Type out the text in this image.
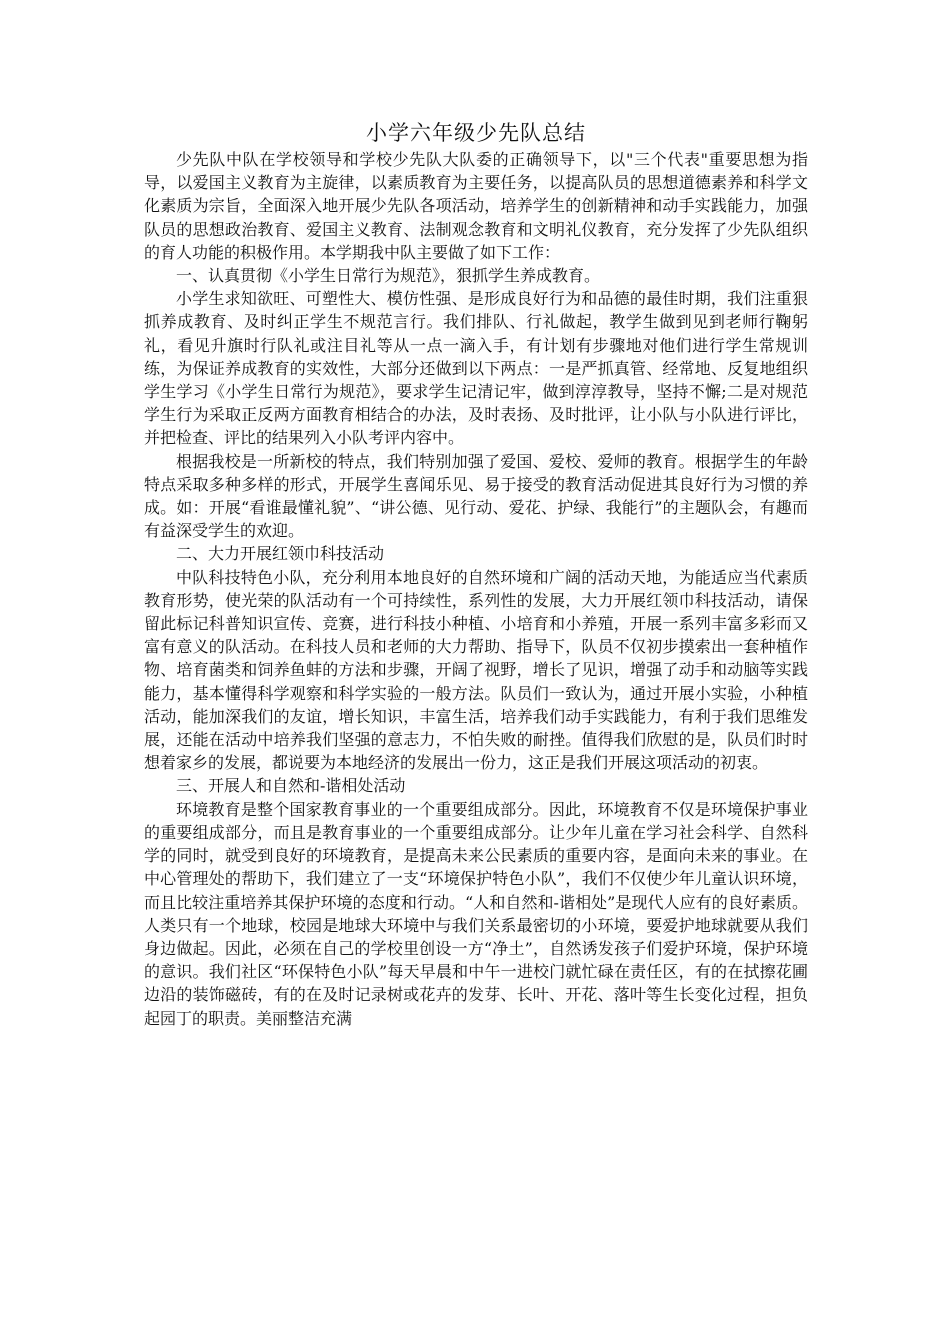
小学六年级少先队总结

少先队中队在学校领导和学校少先队大队委的正确领导下，以"三个代表"重要思想为指导，以爱国主义教育为主旋律，以素质教育为主要任务，以提高队员的思想道德素养和科学文化素质为宗旨，全面深入地开展少先队各项活动，培养学生的创新精神和动手实践能力，加强队员的思想政治教育、爱国主义教育、法制观念教育和文明礼仪教育，充分发挥了少先队组织的育人功能的积极作用。本学期我中队主要做了如下工作：

一、认真贯彻《小学生日常行为规范》，狠抓学生养成教育。

小学生求知欲旺、可塑性大、模仿性强、是形成良好行为和品德的最佳时期，我们注重狠抓养成教育、及时纠正学生不规范言行。我们排队、行礼做起，教学生做到见到老师行鞠躬礼，看见升旗时行队礼或注目礼等从一点一滴入手，有计划有步骤地对他们进行学生常规训练，为保证养成教育的实效性，大部分还做到以下两点：一是严抓真管、经常地、反复地组织学生学习《小学生日常行为规范》，要求学生记清记牢，做到淳淳教导，坚持不懈;二是对规范学生行为采取正反两方面教育相结合的办法，及时表扬、及时批评，让小队与小队进行评比，并把检查、评比的结果列入小队考评内容中。

根据我校是一所新校的特点，我们特别加强了爱国、爱校、爱师的教育。根据学生的年龄特点采取多种多样的形式，开展学生喜闻乐见、易于接受的教育活动促进其良好行为习惯的养成。如：开展“看谁最懂礼貌”、“讲公德、见行动、爱花、护绿、我能行”的主题队会，有趣而有益深受学生的欢迎。

二、大力开展红领巾科技活动

中队科技特色小队，充分利用本地良好的自然环境和广阔的活动天地，为能适应当代素质教育形势，使光荣的队活动有一个可持续性，系列性的发展，大力开展红领巾科技活动，请保留此标记科普知识宣传、竞赛，进行科技小种植、小培育和小养殖，开展一系列丰富多彩而又富有意义的队活动。在科技人员和老师的大力帮助、指导下，队员不仅初步摸索出一套种植作物、培育菌类和饲养鱼蚌的方法和步骤，开阔了视野，增长了见识，增强了动手和动脑等实践能力，基本懂得科学观察和科学实验的一般方法。队员们一致认为，通过开展小实验，小种植活动，能加深我们的友谊，增长知识，丰富生活，培养我们动手实践能力，有利于我们思维发展，还能在活动中培养我们坚强的意志力，不怕失败的耐挫。值得我们欣慰的是，队员们时时想着家乡的发展，都说要为本地经济的发展出一份力，这正是我们开展这项活动的初衷。

三、开展人和自然和-谐相处活动

环境教育是整个国家教育事业的一个重要组成部分。因此，环境教育不仅是环境保护事业的重要组成部分，而且是教育事业的一个重要组成部分。让少年儿童在学习社会科学、自然科学的同时，就受到良好的环境教育，是提高未来公民素质的重要内容，是面向未来的事业。在 中心管理处的帮助下，我们建立了一支“环境保护特色小队”，我们不仅使少年儿童认识环境，而且比较注重培养其保护环境的态度和行动。“人和自然和-谐相处”是现代人应有的良好素质。人类只有一个地球，校园是地球大环境中与我们关系最密切的小环境，要爱护地球就要从我们身边做起。因此，必须在自己的学校里创设一方“净土”，自然诱发孩子们爱护环境，保护环境的意识。我们社区“环保特色小队”每天早晨和中午一进校门就忙碌在责任区，有的在拭擦花圃边沿的装饰磁砖，有的在及时记录树或花卉的发芽、长叶、开花、落叶等生长变化过程，担负起园丁的职责。美丽整洁充满
